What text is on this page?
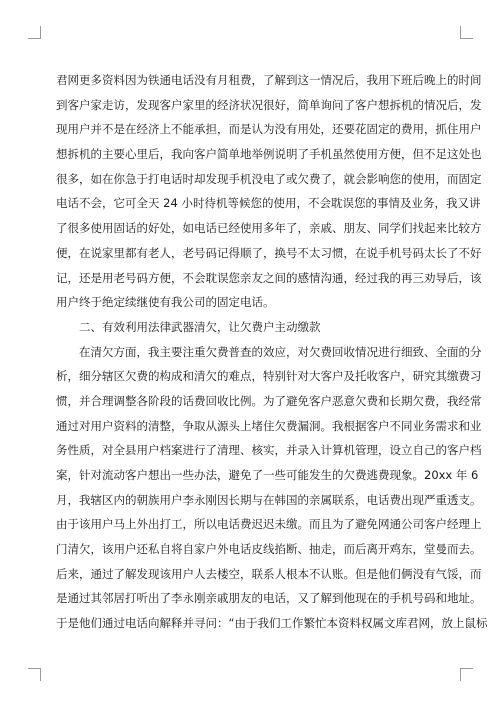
君网更多资料因为铁通电话没有月租费，了解到这一情况后，我用下班后晚上的时间
到客户家走访，发现客户家里的经济状况很好，简单询问了客户想拆机的情况后，发
现用户并不是在经济上不能承担，而是认为没有用处，还要花固定的费用，抓住用户
想拆机的主要心里后，我向客户简单地举例说明了手机虽然使用方便，但不足这处也
很多，如在你急于打电话时却发现手机没电了或欠费了，就会影响您的使用，而固定
电话不会，它可全天 24 小时待机等候您的使用，不会耽误您的事情及业务，我又讲
了很多使用固话的好处，如电话已经使用多年了，亲戚、朋友、同学们找起来比较方
便，在说家里都有老人，老号码记得顺了，换号不太习惯，在说手机号码太长了不好
记，还是用老号码方便，不会耽误您亲友之间的感情沟通，经过我的再三劝导后，该
用户终于绝定续继使有我公司的固定电话。
二、有效利用法律武器清欠，让欠费户主动缴款
在清欠方面，我主要注重欠费普查的效应，对欠费回收情况进行细致、全面的分
析，细分辖区欠费的构成和清欠的难点，特别针对大客户及托收客户，研究其缴费习
惯，并合理调整各阶段的话费回收比例。为了避免客户恶意欠费和长期欠费，我经常
通过对用户资料的清整，争取从源头上堵住欠费漏洞。我根据客户不同业务需求和业
务性质，对全县用户档案进行了清理、核实，并录入计算机管理，设立自己的客户档
案，针对流动客户想出一些办法，避免了一些可能发生的欠费逃费现象。20xx 年 6
月，我辖区内的朝族用户李永刚因长期与在韩国的亲属联系，电话费出现严重透支。
由于该用户马上外出打工，所以电话费迟迟未缴。而且为了避免网通公司客户经理上
门清欠，该用户还私自将自家户外电话皮线掐断、抽走，而后离开鸡东，堂曼而去。
后来，通过了解发现该用户人去楼空，联系人根本不认账。但是他们俩没有气馁，而
是通过其邻居打听出了李永刚亲戚朋友的电话，又了解到他现在的手机号码和地址。
于是他们通过电话向解释并寻问：“由于我们工作繁忙本资料权属文库君网，放上鼠标
